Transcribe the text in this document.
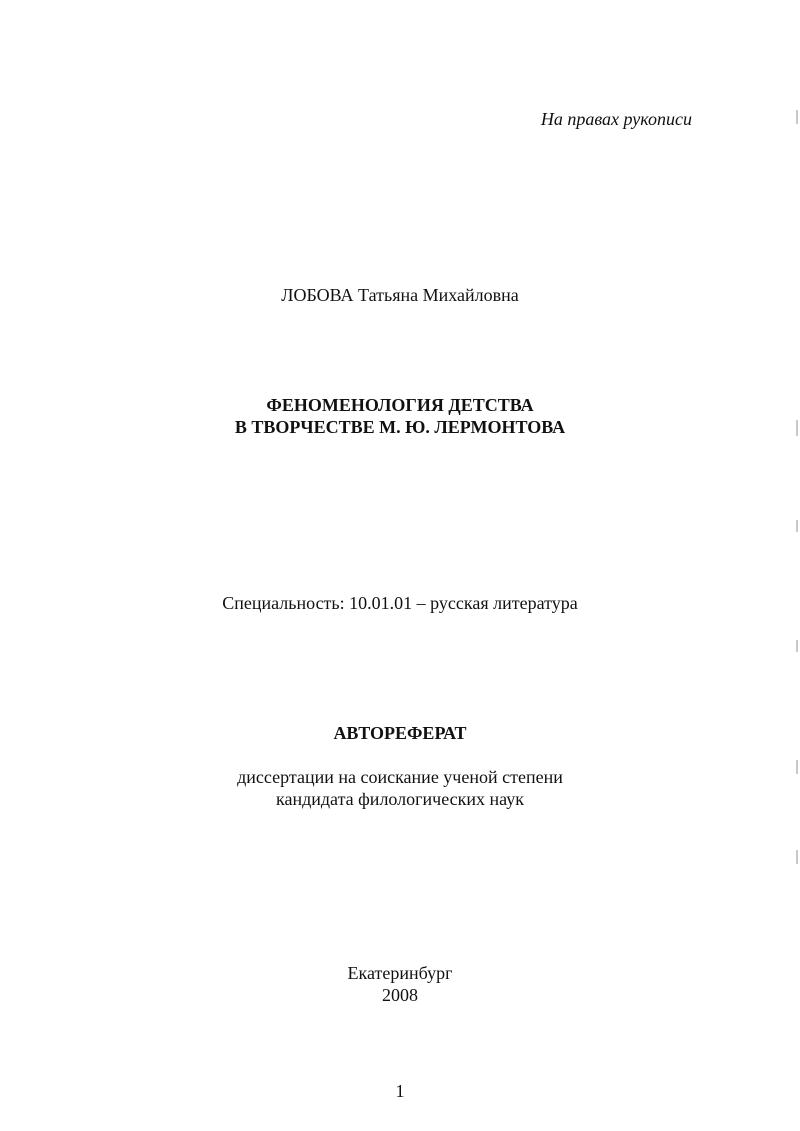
На правах рукописи
ЛОБОВА Татьяна Михайловна
ФЕНОМЕНОЛОГИЯ ДЕТСТВА
В ТВОРЧЕСТВЕ М. Ю. ЛЕРМОНТОВА
Специальность: 10.01.01 – русская литература
АВТОРЕФЕРАТ
диссертации на соискание ученой степени
кандидата филологических наук
Екатеринбург
2008
1
